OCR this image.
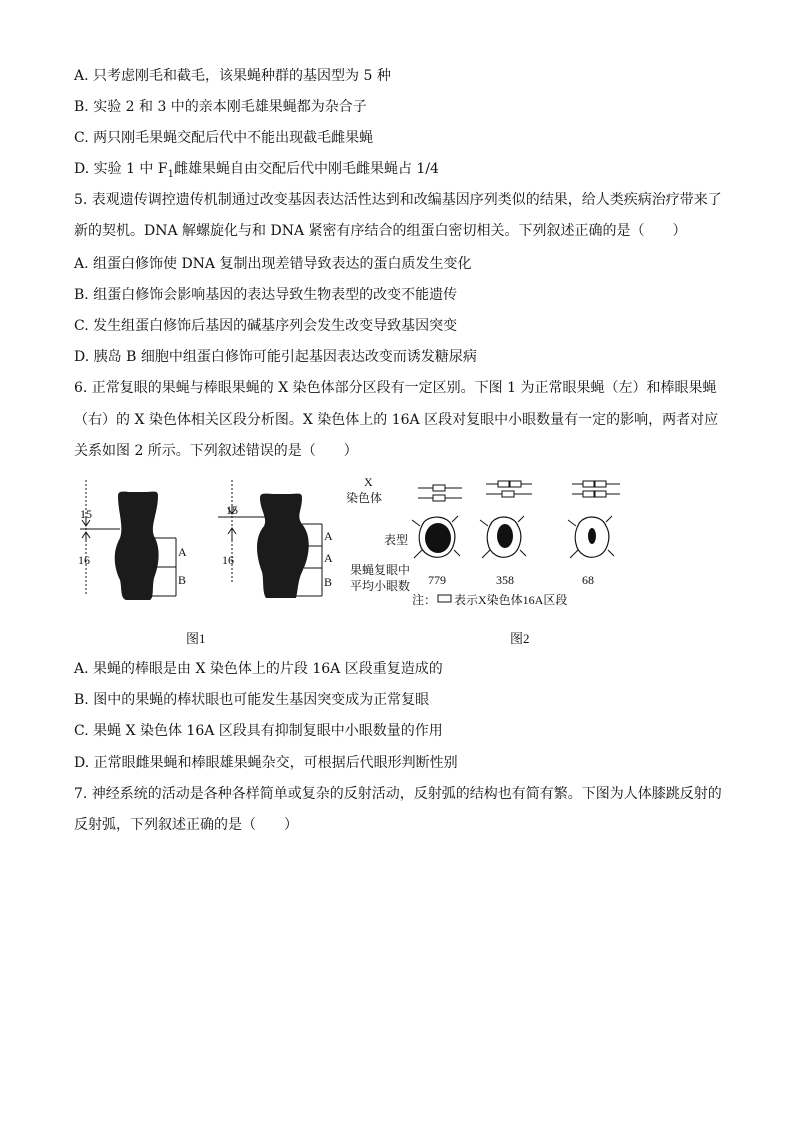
A. 只考虑刚毛和截毛，该果蝇种群的基因型为 5 种
B. 实验 2 和 3 中的亲本刚毛雄果蝇都为杂合子
C. 两只刚毛果蝇交配后代中不能出现截毛雌果蝇
D. 实验 1 中 $F_1$雌雄果蝇自由交配后代中刚毛雌果蝇占 1/4
5. 表观遗传调控遗传机制通过改变基因表达活性达到和改编基因序列类似的结果，给人类疾病治疗带来了
新的契机。DNA 解螺旋化与和 DNA 紧密有序结合的组蛋白密切相关。下列叙述正确的是（　　）
A. 组蛋白修饰使 DNA 复制出现差错导致表达的蛋白质发生变化
B. 组蛋白修饰会影响基因的表达导致生物表型的改变不能遗传
C. 发生组蛋白修饰后基因的碱基序列会发生改变导致基因突变
D. 胰岛 B 细胞中组蛋白修饰可能引起基因表达改变而诱发糖尿病
6. 正常复眼的果蝇与棒眼果蝇的 X 染色体部分区段有一定区别。下图 1 为正常眼果蝇（左）和棒眼果蝇
（右）的 X 染色体相关区段分析图。X 染色体上的 16A 区段对复眼中小眼数量有一定的影响，两者对应
关系如图 2 所示。下列叙述错误的是（　　）
15
16
A
B
15
16
A
A
B
图1
X
染色体
表型
果蝇复眼中
平均小眼数 779	358	68
注： 表示X染色体16A区段
图2
A. 果蝇的棒眼是由 X 染色体上的片段 16A 区段重复造成的
B. 图中的果蝇的棒状眼也可能发生基因突变成为正常复眼
C. 果蝇 X 染色体 16A 区段具有抑制复眼中小眼数量的作用
D. 正常眼雌果蝇和棒眼雄果蝇杂交，可根据后代眼形判断性别
7. 神经系统的活动是各种各样简单或复杂的反射活动，反射弧的结构也有简有繁。下图为人体膝跳反射的
反射弧，下列叙述正确的是（　　）
